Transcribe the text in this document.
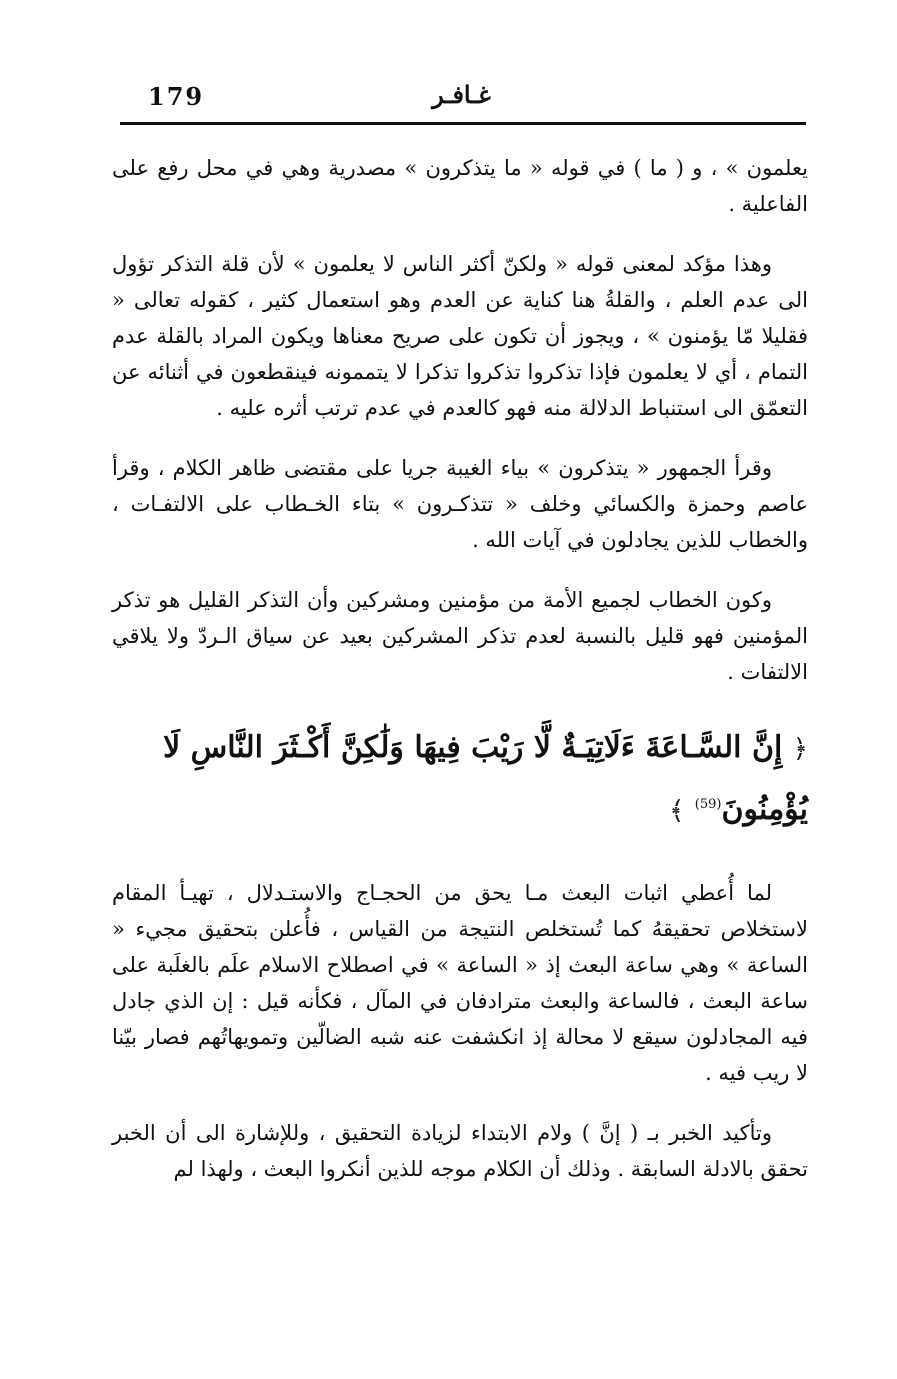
179	غـافـر

يعلمون » ، و ( ما ) في قوله « ما يتذكرون » مصدرية وهي في محل رفع على الفاعلية .

وهذا مؤكد لمعنى قوله « ولكنّ أكثر الناس لا يعلمون » لأن قلة التذكر تؤول الى عدم العلم ، والقلةُ هنا كناية عن العدم وهو استعمال كثير ، كقوله تعالى « فقليلا مّا يؤمنون » ، ويجوز أن تكون على صريح معناها ويكون المراد بالقلة عدم التمام ، أي لا يعلمون فإذا تذكروا تذكروا تذكرا لا يتممونه فينقطعون في أثنائه عن التعمّق الى استنباط الدلالة منه فهو كالعدم في عدم ترتب أثره عليه .

وقرأ الجمهور « يتذكرون » بياء الغيبة جريا على مقتضى ظاهر الكلام ، وقرأ عاصم وحمزة والكسائي وخلف « تتذكـرون » بتاء الخـطاب على الالتفـات ، والخطاب للذين يجادلون في آيات الله .

وكون الخطاب لجميع الأمة من مؤمنين ومشركين وأن التذكر القليل هو تذكر المؤمنين فهو قليل بالنسبة لعدم تذكر المشركين بعيد عن سياق الـردّ ولا يلاقي الالتفات .

﴿ إِنَّ السَّـاعَةَ ءَلَاتِيَـةٌ لَّا رَيْبَ فِيهَا وَلَٰكِنَّ أَكْـثَرَ النَّاسِ لَا يُؤْمِنُونَ$^{(59)}$ ﴾

لما أُعطي اثبات البعث مـا يحق من الحجـاج والاستـدلال ، تهيـأ المقام لاستخلاص تحقيقهُ كما تُستخلص النتيجة من القياس ، فأُعلن بتحقيق مجيء « الساعة » وهي ساعة البعث إذ « الساعة » في اصطلاح الاسلام علَم بالغلَبة على ساعة البعث ، فالساعة والبعث مترادفان في المآل ، فكأنه قيل : إن الذي جادل فيه المجادلون سيقع لا محالة إذ انكشفت عنه شبه الضالّين وتمويهاتُهم فصار بيّنا لا ريب فيه .

وتأكيد الخبر بـ ( إنَّ ) ولام الابتداء لزيادة التحقيق ، وللإشارة الى أن الخبر تحقق بالادلة السابقة . وذلك أن الكلام موجه للذين أنكروا البعث ، ولهذا لم
